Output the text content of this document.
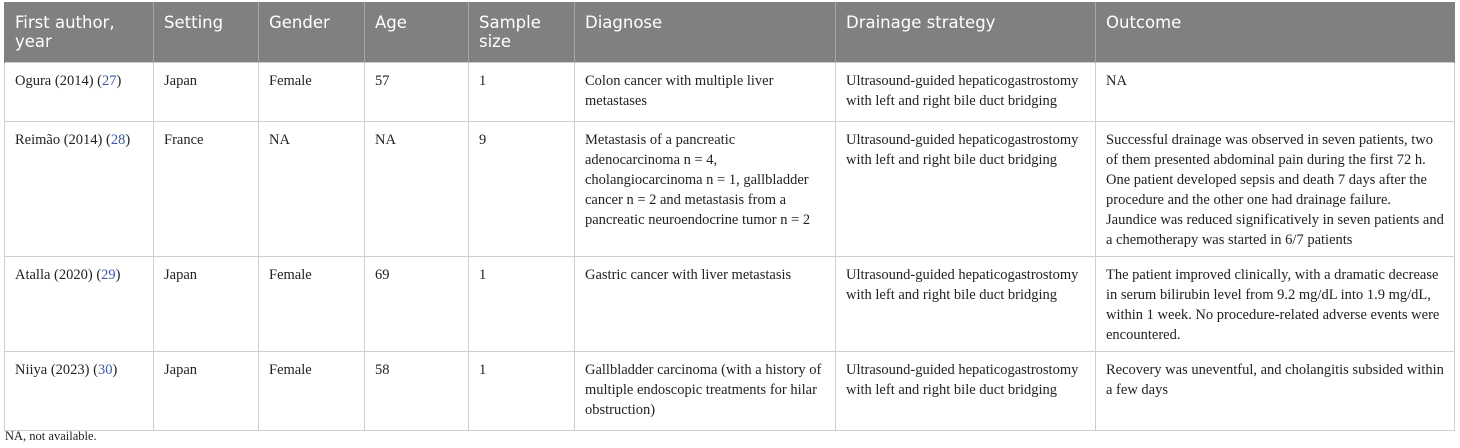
First author, year	Setting	Gender	Age	Sample size	Diagnose	Drainage strategy	Outcome
Ogura (2014) (27)	Japan	Female	57	1	Colon cancer with multiple liver metastases	Ultrasound-guided hepaticogastrostomy with left and right bile duct bridging	NA
Reimão (2014) (28)	France	NA	NA	9	Metastasis of a pancreatic adenocarcinoma n = 4, cholangiocarcinoma n = 1, gallbladder cancer n = 2 and metastasis from a pancreatic neuroendocrine tumor n = 2	Ultrasound-guided hepaticogastrostomy with left and right bile duct bridging	Successful drainage was observed in seven patients, two of them presented abdominal pain during the first 72 h. One patient developed sepsis and death 7 days after the procedure and the other one had drainage failure. Jaundice was reduced significatively in seven patients and a chemotherapy was started in 6/7 patients
Atalla (2020) (29)	Japan	Female	69	1	Gastric cancer with liver metastasis	Ultrasound-guided hepaticogastrostomy with left and right bile duct bridging	The patient improved clinically, with a dramatic decrease in serum bilirubin level from 9.2 mg/dL into 1.9 mg/dL, within 1 week. No procedure-related adverse events were encountered.
Niiya (2023) (30)	Japan	Female	58	1	Gallbladder carcinoma (with a history of multiple endoscopic treatments for hilar obstruction)	Ultrasound-guided hepaticogastrostomy with left and right bile duct bridging	Recovery was uneventful, and cholangitis subsided within a few days
NA, not available.
